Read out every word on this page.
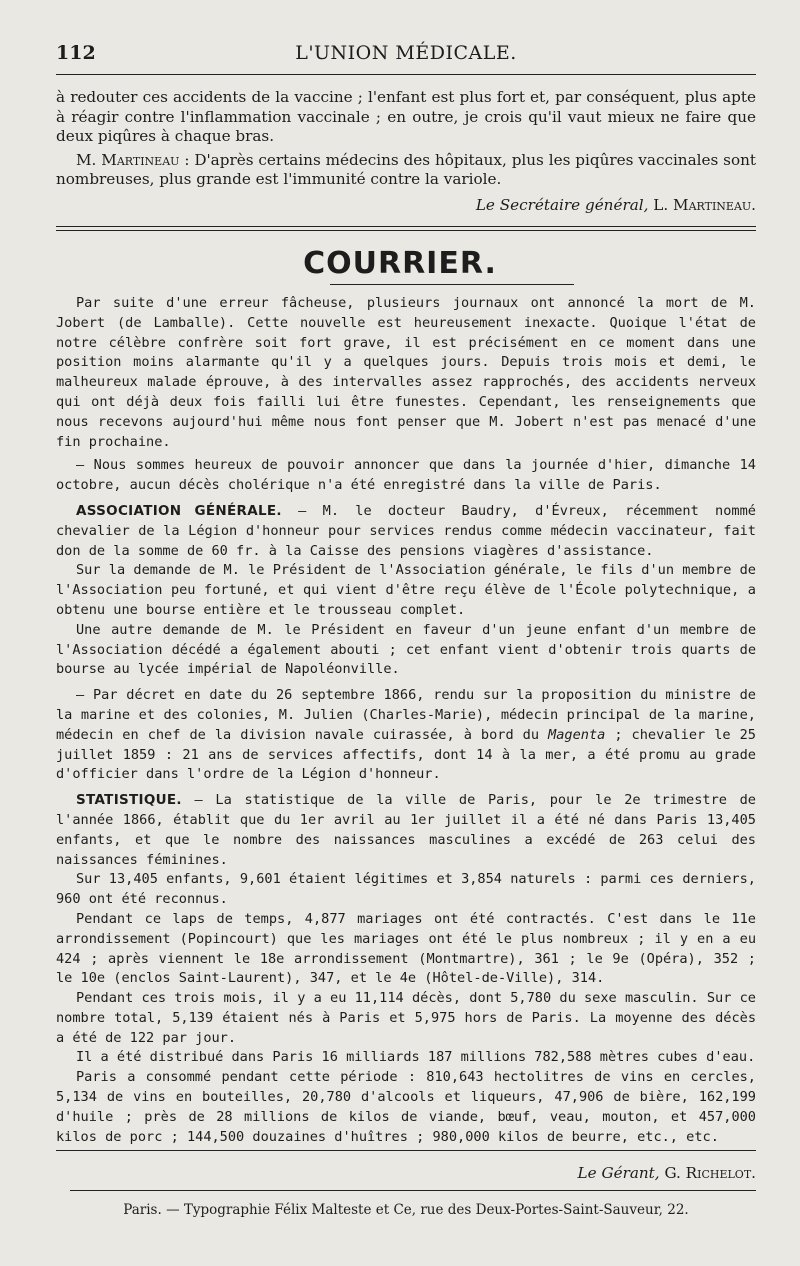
112	L'UNION MÉDICALE.

à redouter ces accidents de la vaccine ; l'enfant est plus fort et, par conséquent, plus apte à réagir contre l'inflammation vaccinale ; en outre, je crois qu'il vaut mieux ne faire que deux piqûres à chaque bras.

M. Martineau : D'après certains médecins des hôpitaux, plus les piqûres vaccinales sont nombreuses, plus grande est l'immunité contre la variole.

Le Secrétaire général, L. Martineau.

COURRIER.

Par suite d'une erreur fâcheuse, plusieurs journaux ont annoncé la mort de M. Jobert (de Lamballe). Cette nouvelle est heureusement inexacte. Quoique l'état de notre célèbre confrère soit fort grave, il est précisément en ce moment dans une position moins alarmante qu'il y a quelques jours. Depuis trois mois et demi, le malheureux malade éprouve, à des intervalles assez rapprochés, des accidents nerveux qui ont déjà deux fois failli lui être funestes. Cependant, les renseignements que nous recevons aujourd'hui même nous font penser que M. Jobert n'est pas menacé d'une fin prochaine.

— Nous sommes heureux de pouvoir annoncer que dans la journée d'hier, dimanche 14 octobre, aucun décès cholérique n'a été enregistré dans la ville de Paris.

ASSOCIATION GÉNÉRALE. — M. le docteur Baudry, d'Évreux, récemment nommé chevalier de la Légion d'honneur pour services rendus comme médecin vaccinateur, fait don de la somme de 60 fr. à la Caisse des pensions viagères d'assistance.

Sur la demande de M. le Président de l'Association générale, le fils d'un membre de l'Association peu fortuné, et qui vient d'être reçu élève de l'École polytechnique, a obtenu une bourse entière et le trousseau complet.

Une autre demande de M. le Président en faveur d'un jeune enfant d'un membre de l'Association décédé a également abouti ; cet enfant vient d'obtenir trois quarts de bourse au lycée impérial de Napoléonville.

— Par décret en date du 26 septembre 1866, rendu sur la proposition du ministre de la marine et des colonies, M. Julien (Charles-Marie), médecin principal de la marine, médecin en chef de la division navale cuirassée, à bord du Magenta ; chevalier le 25 juillet 1859 : 21 ans de services affectifs, dont 14 à la mer, a été promu au grade d'officier dans l'ordre de la Légion d'honneur.

STATISTIQUE. — La statistique de la ville de Paris, pour le 2e trimestre de l'année 1866, établit que du 1er avril au 1er juillet il a été né dans Paris 13,405 enfants, et que le nombre des naissances masculines a excédé de 263 celui des naissances féminines.

Sur 13,405 enfants, 9,601 étaient légitimes et 3,854 naturels : parmi ces derniers, 960 ont été reconnus.

Pendant ce laps de temps, 4,877 mariages ont été contractés. C'est dans le 11e arrondissement (Popincourt) que les mariages ont été le plus nombreux ; il y en a eu 424 ; après viennent le 18e arrondissement (Montmartre), 361 ; le 9e (Opéra), 352 ; le 10e (enclos Saint-Laurent), 347, et le 4e (Hôtel-de-Ville), 314.

Pendant ces trois mois, il y a eu 11,114 décès, dont 5,780 du sexe masculin. Sur ce nombre total, 5,139 étaient nés à Paris et 5,975 hors de Paris. La moyenne des décès a été de 122 par jour.

Il a été distribué dans Paris 16 milliards 187 millions 782,588 mètres cubes d'eau.

Paris a consommé pendant cette période : 810,643 hectolitres de vins en cercles, 5,134 de vins en bouteilles, 20,780 d'alcools et liqueurs, 47,906 de bière, 162,199 d'huile ; près de 28 millions de kilos de viande, bœuf, veau, mouton, et 457,000 kilos de porc ; 144,500 douzaines d'huîtres ; 980,000 kilos de beurre, etc., etc.

Le Gérant, G. Richelot.
Paris. — Typographie Félix Malteste et Ce, rue des Deux-Portes-Saint-Sauveur, 22.
